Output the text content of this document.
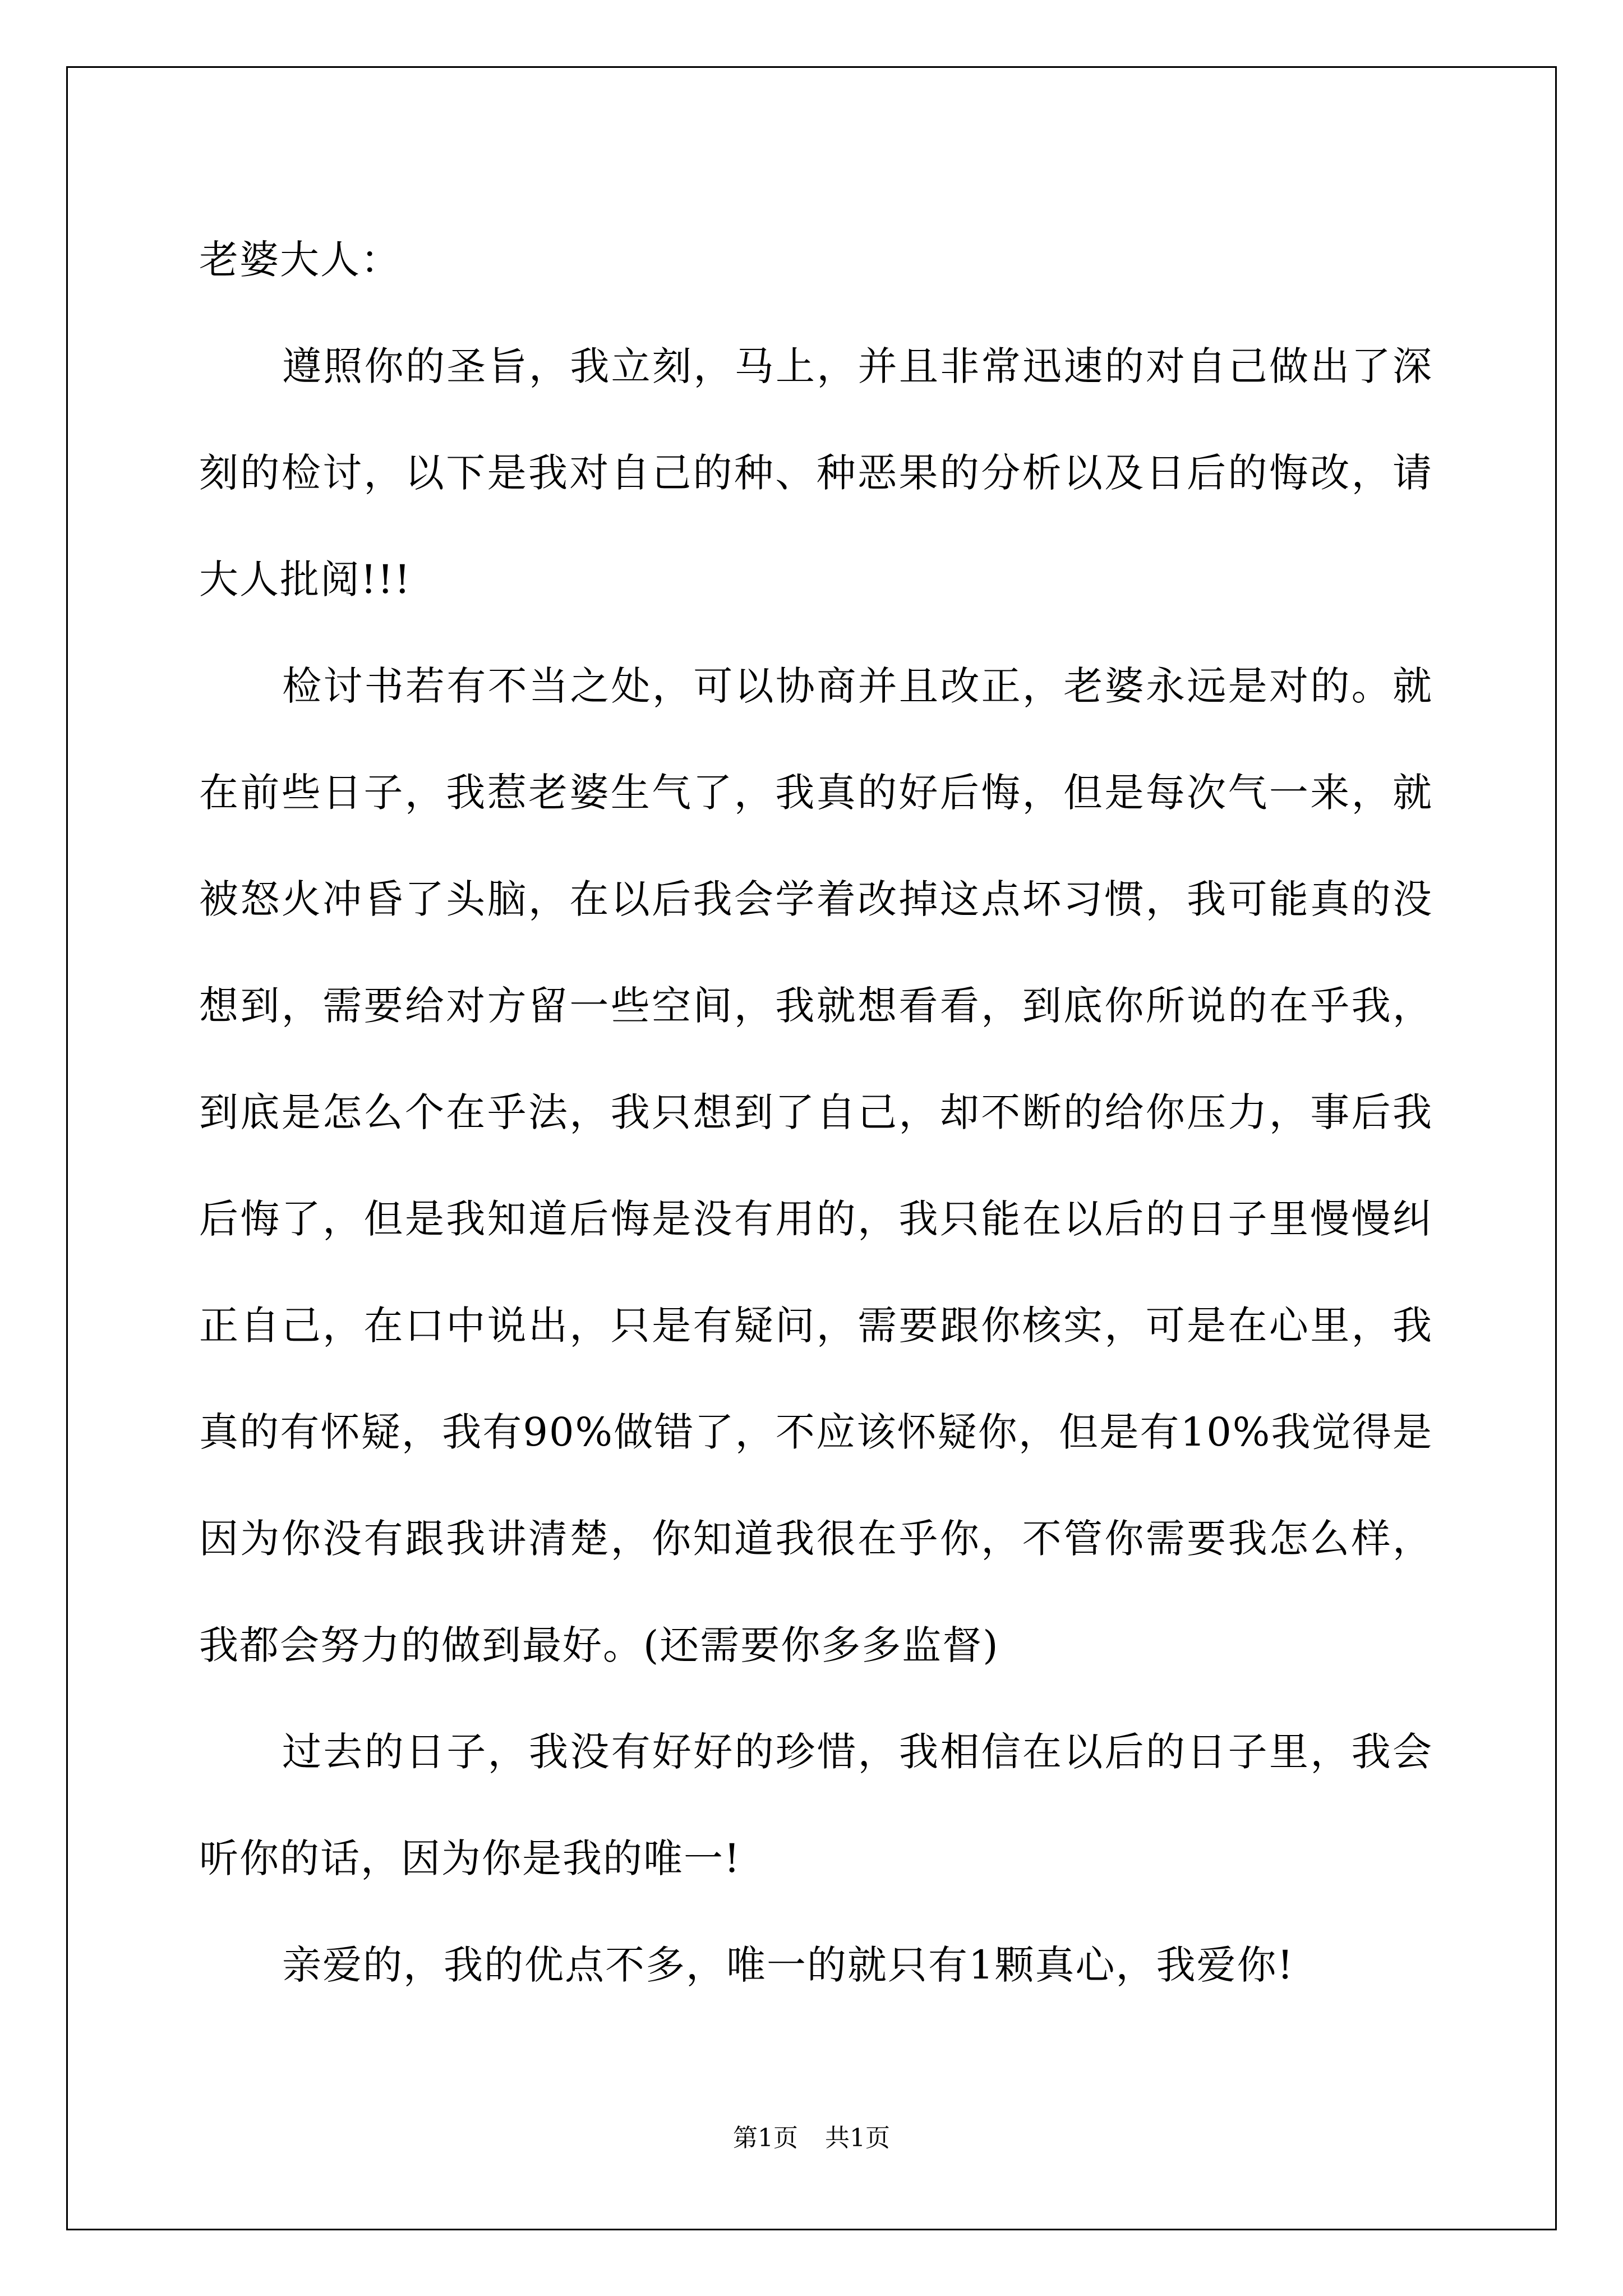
老婆大人：

遵照你的圣旨，我立刻，马上，并且非常迅速的对自己做出了深刻的检讨，以下是我对自己的种、种恶果的分析以及日后的悔改，请大人批阅!!!

检讨书若有不当之处，可以协商并且改正，老婆永远是对的。就在前些日子，我惹老婆生气了，我真的好后悔，但是每次气一来，就被怒火冲昏了头脑，在以后我会学着改掉这点坏习惯，我可能真的没想到，需要给对方留一些空间，我就想看看，到底你所说的在乎我，到底是怎么个在乎法，我只想到了自己，却不断的给你压力，事后我后悔了，但是我知道后悔是没有用的，我只能在以后的日子里慢慢纠正自己，在口中说出，只是有疑问，需要跟你核实，可是在心里，我真的有怀疑，我有90%做错了，不应该怀疑你，但是有10%我觉得是因为你没有跟我讲清楚，你知道我很在乎你，不管你需要我怎么样，我都会努力的做到最好。(还需要你多多监督)

过去的日子，我没有好好的珍惜，我相信在以后的日子里，我会听你的话，因为你是我的唯一!

亲爱的，我的优点不多，唯一的就只有1颗真心，我爱你!

第1页 共1页
